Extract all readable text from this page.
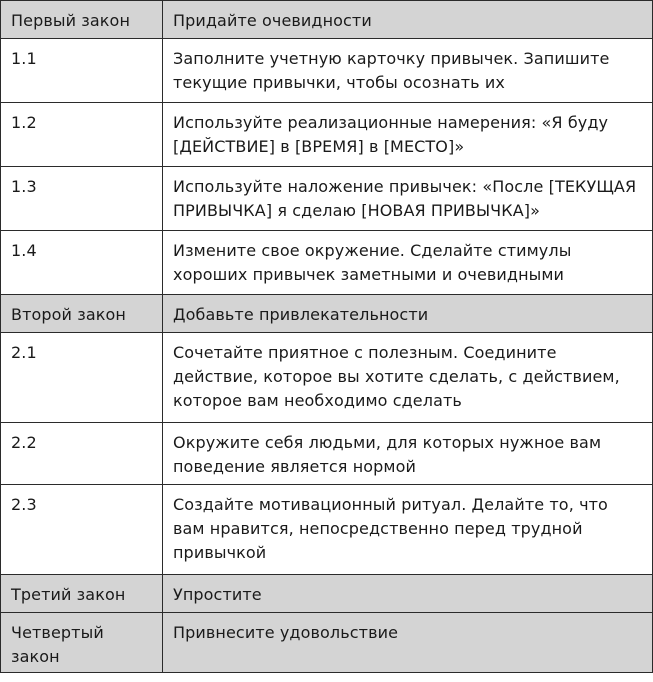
Первый закон	Придайте очевидности
1.1	Заполните учетную карточку привычек. Запишите текущие привычки, чтобы осознать их
1.2	Используйте реализационные намерения: «Я буду [ДЕЙСТВИЕ] в [ВРЕМЯ] в [МЕСТО]»
1.3	Используйте наложение привычек: «После [ТЕКУЩАЯ ПРИВЫЧКА] я сделаю [НОВАЯ ПРИВЫЧКА]»
1.4	Измените свое окружение. Сделайте стимулы хороших привычек заметными и очевидными
Второй закон	Добавьте привлекательности
2.1	Сочетайте приятное с полезным. Соедините действие, которое вы хотите сделать, с действием, которое вам необходимо сделать
2.2	Окружите себя людьми, для которых нужное вам поведение является нормой
2.3	Создайте мотивационный ритуал. Делайте то, что вам нравится, непосредственно перед трудной привычкой
Третий закон	Упростите
Четвертый закон	Привнесите удовольствие
